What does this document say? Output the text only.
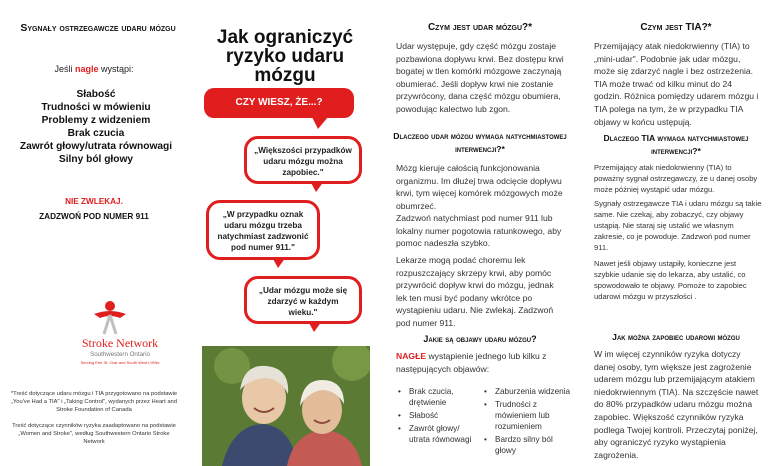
Sygnały ostrzegawcze udaru mózgu
Jeśli nagle wystąpi:
Słabość
Trudności w mówieniu
Problemy z widzeniem
Brak czucia
Zawrót głowy/utrata równowagi
Silny ból głowy
NIE ZWLEKAJ.
ZADZWOŃ POD NUMER 911
Stroke Network
Southwestern Ontario
Serving Erie St. Clair and South West LHINs
*Treść dotyczące udaru mózgu i TIA przygotowano na podstawie „You've Had a TIA" i „Taking Control", wydanych przez Heart and Stroke Foundation of Canada
Treść dotyczące czynników ryzyka zaadaptowano na podstawie „Women and Stroke", według Southwestern Ontario Stroke Network
Jak ograniczyć ryzyko udaru mózgu
CZY WIESZ, ŻE...?
„Większości przypadków udaru mózgu można zapobiec."
„W przypadku oznak udaru mózgu trzeba natychmiast zadzwonić pod numer 911."
„Udar mózgu może się zdarzyć w każdym wieku."
Czym jest udar mózgu?*
Udar występuje, gdy część mózgu zostaje pozbawiona dopływu krwi. Bez dostępu krwi bogatej w tlen komórki mózgowe zaczynają obumierać. Jeśli dopływ krwi nie zostanie przywrócony, dana część mózgu obumiera, powodując kalectwo lub zgon.
Dlaczego udar mózgu wymaga natychmiastowej interwencji?*
Mózg kieruje całością funkcjonowania organizmu. Im dłużej trwa odcięcie dopływu krwi, tym więcej komórek mózgowych może obumrzeć.
Zadzwoń natychmiast pod numer 911 lub lokalny numer pogotowia ratunkowego, aby pomoc nadeszła szybko.
Lekarze mogą podać choremu lek rozpuszczający skrzepy krwi, aby pomóc przywrócić dopływ krwi do mózgu, jednak lek ten musi być podany wkrótce po wystąpieniu udaru. Nie zwlekaj. Zadzwoń pod numer 911.
Jakie są objawy udaru mózgu?
NAGŁE wystąpienie jednego lub kilku z następujących objawów:
• Brak czucia, drętwienie
• Słabość
• Zawrót głowy/ utrata równowagi
• Zaburzenia widzenia
• Trudności z mówieniem lub rozumieniem
• Bardzo silny ból głowy
Czym jest TIA?*
Przemijający atak niedokrwienny (TIA) to „mini-udar". Podobnie jak udar mózgu, może się zdarzyć nagle i bez ostrzeżenia. TIA może trwać od kilku minut do 24 godzin. Różnica pomiędzy udarem mózgu i TIA polega na tym, że w przypadku TIA objawy w końcu ustępują.
Dlaczego TIA wymaga natychmiastowej interwencji?*
Przemijający atak niedokrwienny (TIA) to poważny sygnał ostrzegawczy, że u danej osoby może później wystąpić udar mózgu.
Sygnały ostrzegawcze TIA i udaru mózgu są takie same. Nie czekaj, aby zobaczyć, czy objawy ustąpią. Nie staraj się ustalić we własnym zakresie, co je powoduje. Zadzwoń pod numer 911.
Nawet jeśli objawy ustąpiły, konieczne jest szybkie udanie się do lekarza, aby ustalić, co spowodowało te objawy. Pomoże to zapobiec udarowi mózgu w przyszłości .
Jak można zapobiec udarowi mózgu
W im więcej czynników ryzyka dotyczy danej osoby, tym większe jest zagrożenie udarem mózgu lub przemijającym atakiem niedokrwiennym (TIA). Na szczęście nawet do 80% przypadków udaru mózgu można zapobiec. Większość czynników ryzyka podlega Twojej kontroli. Przeczytaj poniżej, aby ograniczyć ryzyko wystąpienia zagrożenia.
